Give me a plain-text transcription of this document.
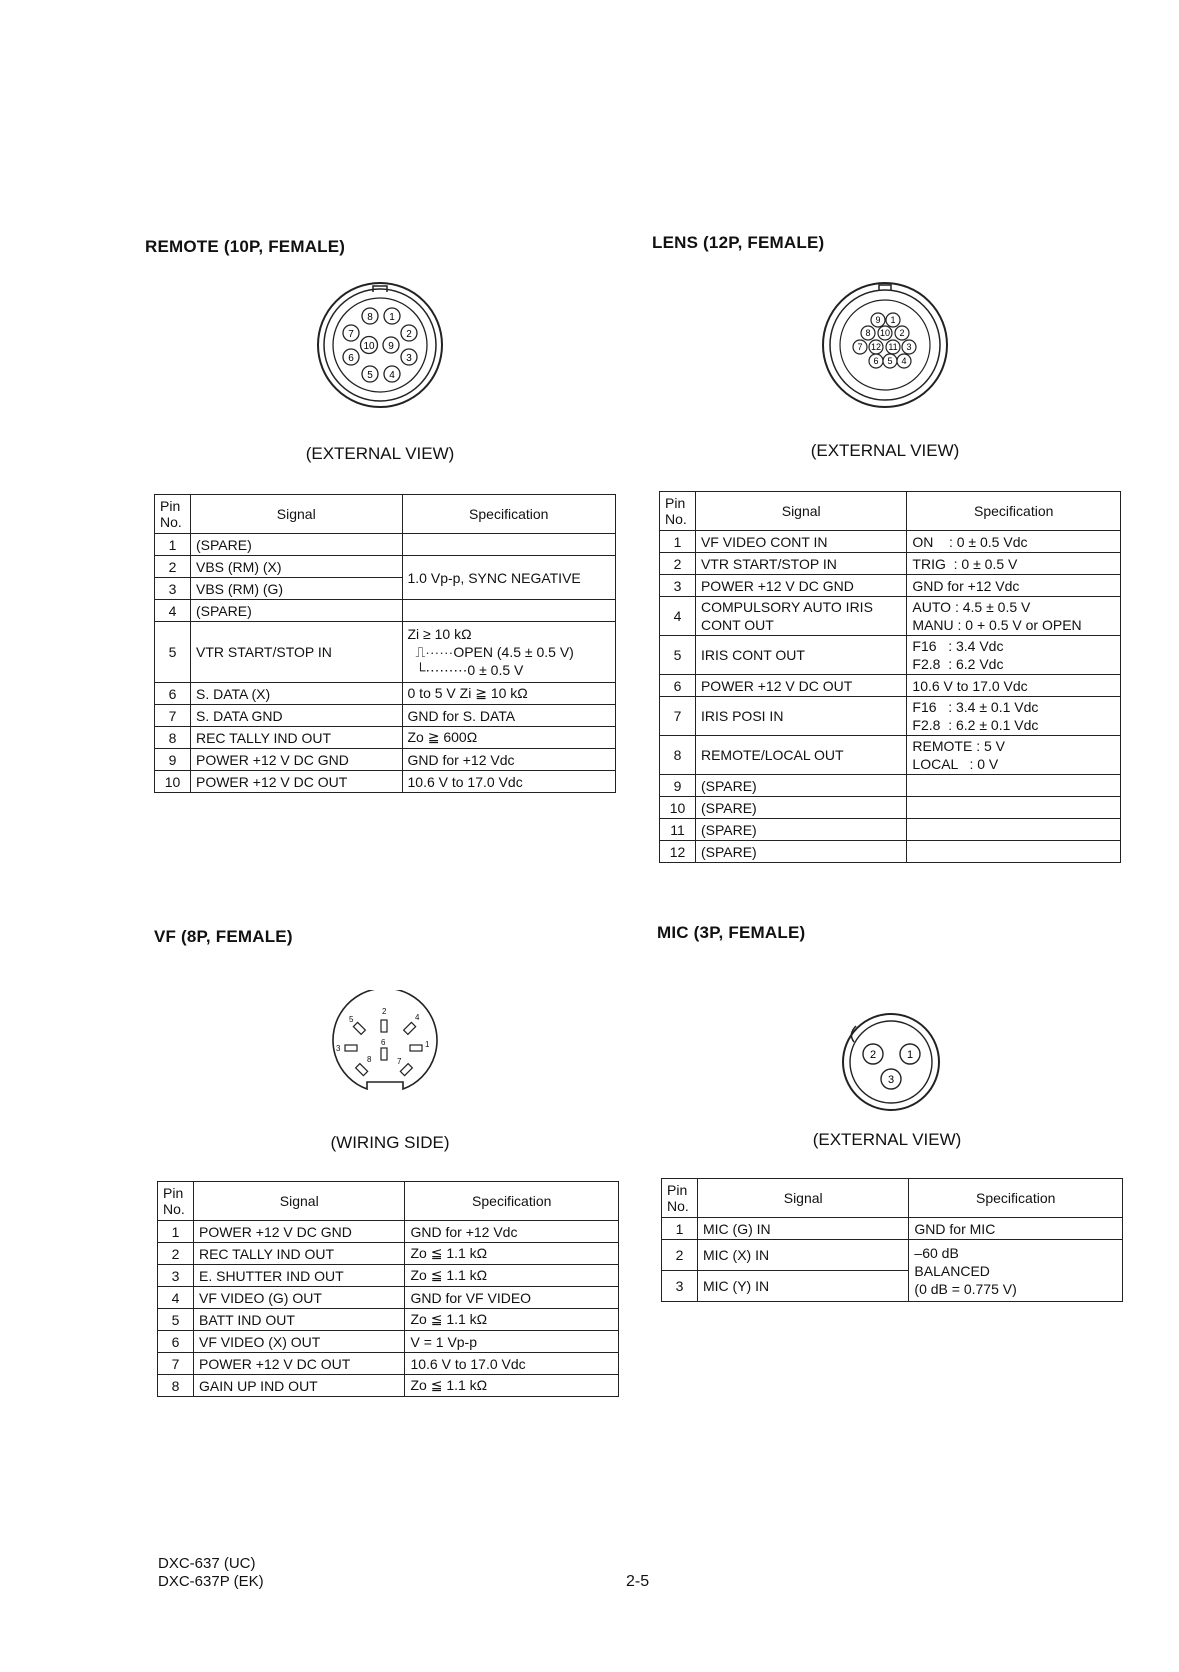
REMOTE (10P, FEMALE)
8 1
7	2
10 9
6	3
5 4
(EXTERNAL VIEW)
Pin No.	Signal	Specification
1	(SPARE)	
2	VBS (RM) (X)	1.0 Vp-p, SYNC NEGATIVE
3	VBS (RM) (G)	
4	(SPARE)	
5	VTR START/STOP IN	Zi ≥ 10 kΩ
⎍⋯⋯OPEN (4.5 ± 0.5 V)
└⋯⋯⋯0 ± 0.5 V

6	S. DATA (X)	0 to 5 V Zi ≧ 10 kΩ
7	S. DATA GND	GND for S. DATA
8	REC TALLY IND OUT	Zo ≧ 600Ω
9	POWER +12 V DC GND	GND for +12 Vdc
10	POWER +12 V DC OUT	10.6 V to 17.0 Vdc
LENS (12P, FEMALE)
9 1
8 10 2
7 12 11 3
6 5 4
(EXTERNAL VIEW)
Pin No.	Signal	Specification
1	VF VIDEO CONT IN	ON    : 0 ± 0.5 Vdc
2	VTR START/STOP IN	TRIG  : 0 ± 0.5 V
3	POWER +12 V DC GND	GND for +12 Vdc
4	COMPULSORY AUTO IRIS
CONT OUT	AUTO : 4.5 ± 0.5 V
MANU : 0 + 0.5 V or OPEN

5	IRIS CONT OUT	F16   : 3.4 Vdc
F2.8  : 6.2 Vdc

6	POWER +12 V DC OUT	10.6 V to 17.0 Vdc
7	IRIS POSI IN	F16   : 3.4 ± 0.1 Vdc
F2.8  : 6.2 ± 0.1 Vdc

8	REMOTE/LOCAL OUT	REMOTE : 5 V
LOCAL   : 0 V

9	(SPARE)	
10	(SPARE)	
11	(SPARE)	
12	(SPARE)	
VF (8P, FEMALE)
2
6
3	1
5	4
8	7
(WIRING SIDE)
Pin No.	Signal	Specification
1	POWER +12 V DC GND	GND for +12 Vdc
2	REC TALLY IND OUT	Zo ≦ 1.1 kΩ
3	E. SHUTTER IND OUT	Zo ≦ 1.1 kΩ
4	VF VIDEO (G) OUT	GND for VF VIDEO
5	BATT IND OUT	Zo ≦ 1.1 kΩ
6	VF VIDEO (X) OUT	V = 1 Vp-p
7	POWER +12 V DC OUT	10.6 V to 17.0 Vdc
8	GAIN UP IND OUT	Zo ≦ 1.1 kΩ
MIC (3P, FEMALE)
2	1
3
(EXTERNAL VIEW)
Pin No.	Signal	Specification
1	MIC (G) IN	GND for MIC
2	MIC (X) IN	–60 dB
BALANCED
(0 dB = 0.775 V)

3	MIC (Y) IN	
DXC-637 (UC)
DXC-637P (EK)	2-5
